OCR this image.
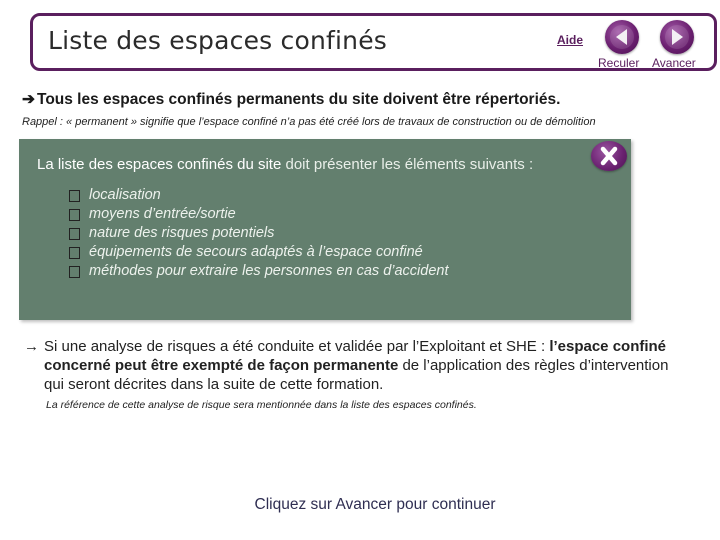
Liste des espaces confinés	Aide
Reculer Avancer
➔ Tous les espaces confinés permanents du site doivent être répertoriés.
Rappel : « permanent » signifie que l’espace confiné n’a pas été créé lors de travaux de construction ou de démolition
La liste des espaces confinés du site doit présenter les éléments suivants :
localisation
moyens d’entrée/sortie
nature des risques potentiels
équipements de secours adaptés à l’espace confiné
méthodes pour extraire les personnes en cas d’accident
→ Si une analyse de risques a été conduite et validée par l’Exploitant et SHE : l’espace confiné
concerné peut être exempté de façon permanente de l’application des règles d’intervention
qui seront décrites dans la suite de cette formation.
La référence de cette analyse de risque sera mentionnée dans la liste des espaces confinés.
Cliquez sur Avancer pour continuer
